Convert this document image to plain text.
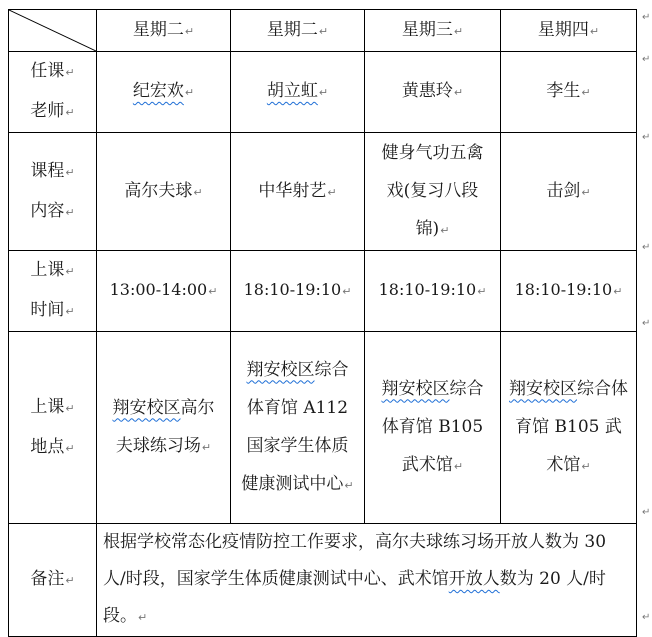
	星期二↵	星期二↵	星期三↵	星期四↵

任课↵
老师↵	纪宏欢↵	胡立虹↵	黄惠玲↵	李生↵

课程↵
内容↵	高尔夫球↵	中华射艺↵	健身气功五禽戏(复习八段锦)↵	击剑↵

上课↵
时间↵	13:00-14:00↵	18:10-19:10↵	18:10-19:10↵	18:10-19:10↵

上课↵
地点↵	翔安校区高尔夫球练习场↵	翔安校区综合体育馆 A112 国家学生体质健康测试中心↵	翔安校区综合体育馆 B105 武术馆↵	翔安校区综合体育馆 B105 武术馆↵
备注↵	根据学校常态化疫情防控工作要求，高尔夫球练习场开放人数为 30 人/时段，国家学生体质健康测试中心、武术馆开放人数为 20 人/时段。↵			
↵
↵
↵
↵
↵
↵
↵
